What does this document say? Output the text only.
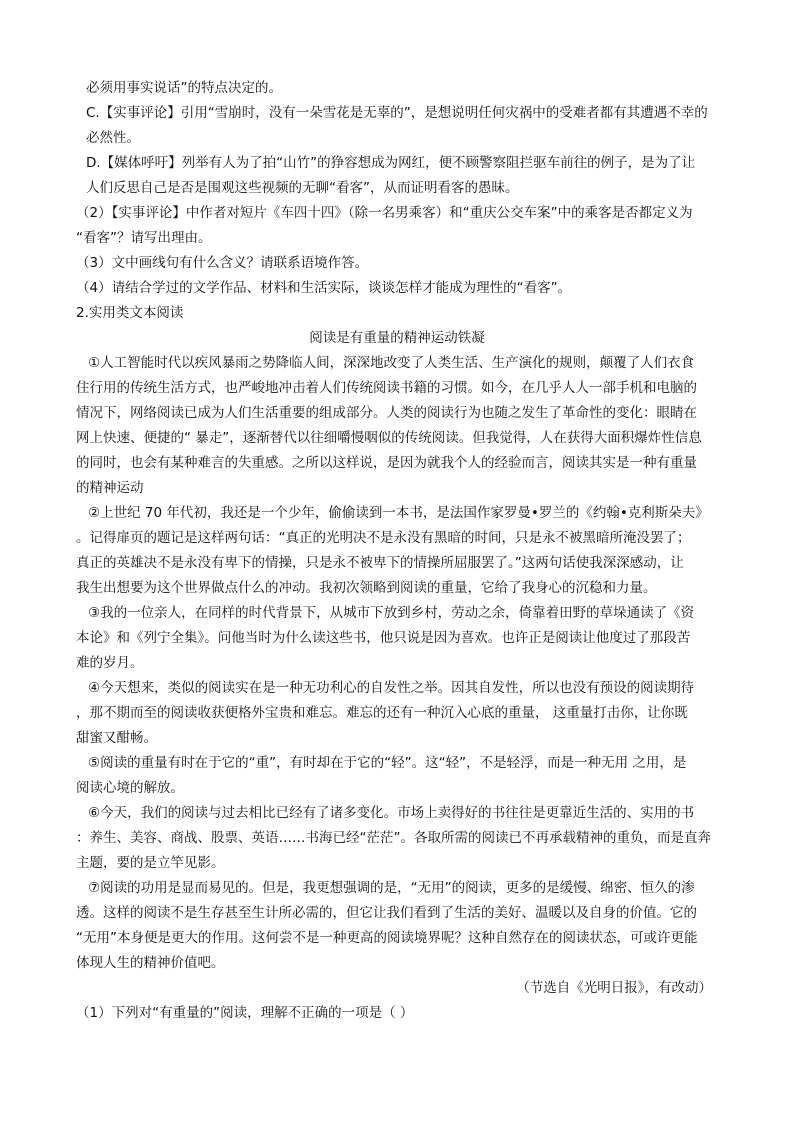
必须用事实说话”的特点决定的。
C.【实事评论】引用“雪崩时，没有一朵雪花是无辜的”，是想说明任何灾祸中的受难者都有其遭遇不幸的
必然性。
D.【媒体呼吁】列举有人为了拍“山竹”的狰容想成为网红，便不顾警察阻拦驱车前往的例子，是为了让
人们反思自己是否是围观这些视频的无聊“看客”，从而证明看客的愚昧。
（2）【实事评论】中作者对短片《车四十四》（除一名男乘客）和“重庆公交车案”中的乘客是否都定义为
“看客”？请写出理由。
（3）文中画线句有什么含义？请联系语境作答。
（4）请结合学过的文学作品、材料和生活实际，谈谈怎样才能成为理性的“看客”。
2.实用类文本阅读
阅读是有重量的精神运动铁凝
①人工智能时代以疾风暴雨之势降临人间，深深地改变了人类生活、生产演化的规则，颠覆了人们衣食
住行用的传统生活方式，也严峻地冲击着人们传统阅读书籍的习惯。如今，在几乎人人一部手机和电脑的
情况下，网络阅读已成为人们生活重要的组成部分。人类的阅读行为也随之发生了革命性的变化：眼睛在
网上快速、便捷的“ 暴走”，逐渐替代以往细嚼慢咽似的传统阅读。但我觉得，人在获得大面积爆炸性信息
的同时，也会有某种难言的失重感。之所以这样说，是因为就我个人的经验而言，阅读其实是一种有重量
的精神运动
②上世纪 70 年代初，我还是一个少年，偷偷读到一本书，是法国作家罗曼•罗兰的《约翰•克利斯朵夫》
。记得扉页的题记是这样两句话：“真正的光明决不是永没有黑暗的时间，只是永不被黑暗所淹没罢了；
真正的英雄决不是永没有卑下的情操，只是永不被卑下的情操所屈服罢了。”这两句话使我深深感动，让
我生出想要为这个世界做点什么的冲动。我初次领略到阅读的重量，它给了我身心的沉稳和力量。
③我的一位亲人，在同样的时代背景下，从城市下放到乡村，劳动之余，倚靠着田野的草垛通读了《资
本论》和《列宁全集》。问他当时为什么读这些书，他只说是因为喜欢。也许正是阅读让他度过了那段苦
难的岁月。
④今天想来，类似的阅读实在是一种无功利心的自发性之举。因其自发性，所以也没有预设的阅读期待
，那不期而至的阅读收获便格外宝贵和难忘。难忘的还有一种沉入心底的重量， 这重量打击你，让你既
甜蜜又酣畅。
⑤阅读的重量有时在于它的“重”，有时却在于它的“轻”。这“轻”，不是轻浮，而是一种无用 之用，是
阅读心境的解放。
⑥今天，我们的阅读与过去相比已经有了诸多变化。市场上卖得好的书往往是更靠近生活的、实用的书
：养生、美容、商战、股票、英语……书海已经“茫茫”。各取所需的阅读已不再承载精神的重负，而是直奔
主题，要的是立竿见影。
⑦阅读的功用是显而易见的。但是，我更想强调的是，“无用”的阅读，更多的是缓慢、绵密、恒久的渗
透。这样的阅读不是生存甚至生计所必需的，但它让我们看到了生活的美好、温暖以及自身的价值。它的
“无用”本身便是更大的作用。这何尝不是一种更高的阅读境界呢？这种自然存在的阅读状态，可或许更能
体现人生的精神价值吧。
（节选自《光明日报》，有改动）
（1）下列对“有重量的”阅读，理解不正确的一项是（ ）
